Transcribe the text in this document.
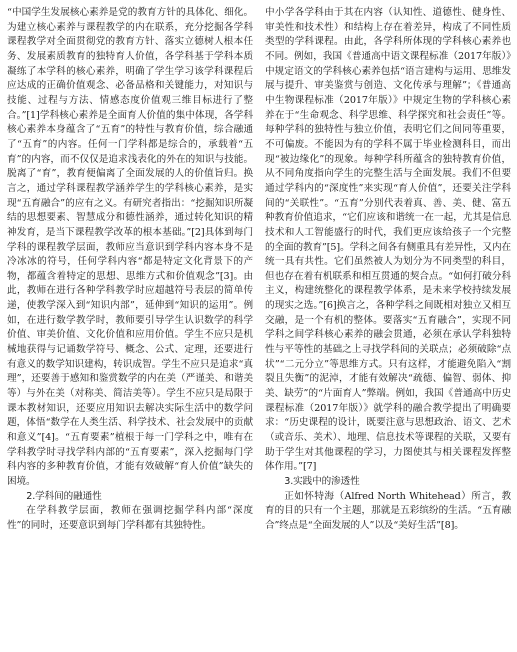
“中国学生发展核心素养是党的教育方针的具体化、细化。为建立核心素养与课程教学的内在联系，充分挖掘各学科课程教学对全面贯彻党的教育方针、落实立德树人根本任务、发展素质教育的独特育人价值，各学科基于学科本质凝练了本学科的核心素养，明确了学生学习该学科课程后应达成的正确价值观念、必备品格和关键能力，对知识与技能、过程与方法、情感态度价值观三维目标进行了整合。”[1]学科核心素养是全面育人价值的集中体现，各学科核心素养本身蕴含了“五育”的特性与教育价值，综合融通了“五育”的内容。任何一门学科都是综合的，承载着“五育”的内容，而不仅仅是追求浅表化的外在的知识与技能。脱离了“育”，教育便偏离了全面发展的人的价值旨归。换言之，通过学科课程教学涵养学生的学科核心素养，是实现“五育融合”的应有之义。有研究者指出：“挖掘知识所凝结的思想要素、智慧成分和德性涵养，通过转化知识的精神发育，是当下课程教学改革的根本基础。”[2]具体到每门学科的课程教学层面，教师应当意识到学科内容本身不是冷冰冰的符号，任何学科内容“都是特定文化背景下的产物，都蕴含着特定的思想、思维方式和价值观念”[3]。由此，教师在进行各种学科教学时应超越符号表层的简单传递，使教学深入到“知识内部”，延伸到“知识的运用”。例如，在进行数学教学时，教师要引导学生认识数学的科学价值、审美价值、文化价值和应用价值。学生不应只是机械地获得与记诵数学符号、概念、公式、定理，还要进行有意义的数学知识建构，转识成智。学生不应只是追求“真理”，还要善于感知和鉴赏数学的内在美（严谨美、和谐美等）与外在美（对称美、简洁美等）。学生不应只是局限于课本教材知识，还要应用知识去解决实际生活中的数学问题，体悟“数学在人类生活、科学技术、社会发展中的贡献和意义”[4]。“五育要素”植根于每一门学科之中，唯有在学科教学时寻找学科内部的“五育要素”，深入挖掘每门学科内容的多种教育价值，才能有效破解“育人价值”缺失的困境。

2.学科间的融通性

在学科教学层面，教师在强调挖掘学科内部“深度性”的同时，还要意识到每门学科都有其独特性。

中小学各学科由于其在内容（认知性、道德性、健身性、审美性和技术性）和结构上存在着差异，构成了不同性质类型的学科课程。由此，各学科所体现的学科核心素养也不同。例如，我国《普通高中语文课程标准（2017年版）》中规定语文的学科核心素养包括“语言建构与运用、思维发展与提升、审美鉴赏与创造、文化传承与理解”；《普通高中生物课程标准（2017年版）》中规定生物的学科核心素养在于“生命观念、科学思维、科学探究和社会责任”等。每种学科的独特性与独立价值，表明它们之间同等重要，不可偏废。不能因为有的学科不属于毕业检测科目，而出现“被边缘化”的现象。每种学科所蕴含的独特教育价值，从不同角度指向学生的完整生活与全面发展。我们不但要通过学科内的“深度性”来实现“育人价值”，还要关注学科间的“关联性”。“五育”分别代表着真、善、美、健、富五种教育价值追求，“它们应该和谐统一在一起，尤其是信息技术和人工智能盛行的时代，我们更应该给孩子一个完整的全面的教育”[5]。学科之间各有侧重具有差异性，又内在统一具有共性。它们虽然被人为划分为不同类型的科目，但也存在着有机联系和相互贯通的契合点。“如何打破分科主义，构建统整化的课程教学体系，是未来学校持续发展的现实之选。”[6]换言之，各种学科之间既相对独立又相互交融，是一个有机的整体。要落实“五育融合”，实现不同学科之间学科核心素养的融会贯通，必须在承认学科独特性与平等性的基础之上寻找学科间的关联点；必须破除“点状”“二元分立”等思维方式。只有这样，才能避免陷入“割裂且失衡”的泥淖，才能有效解决“疏德、偏智、弱体、抑美、缺劳”的“片面育人”弊端。例如，我国《普通高中历史课程标准（2017年版）》就学科的融合教学提出了明确要求：“历史课程的设计，既要注意与思想政治、语文、艺术（或音乐、美术）、地理、信息技术等课程的关联，又要有助于学生对其他课程的学习，力图使其与相关课程发挥整体作用。”[7]

3.实践中的渗透性

正如怀特海（Alfred North Whitehead）所言，教育的目的只有一个主题，那就是五彩缤纷的生活。“五育融合”终点是“全面发展的人”以及“美好生活”[8]。
